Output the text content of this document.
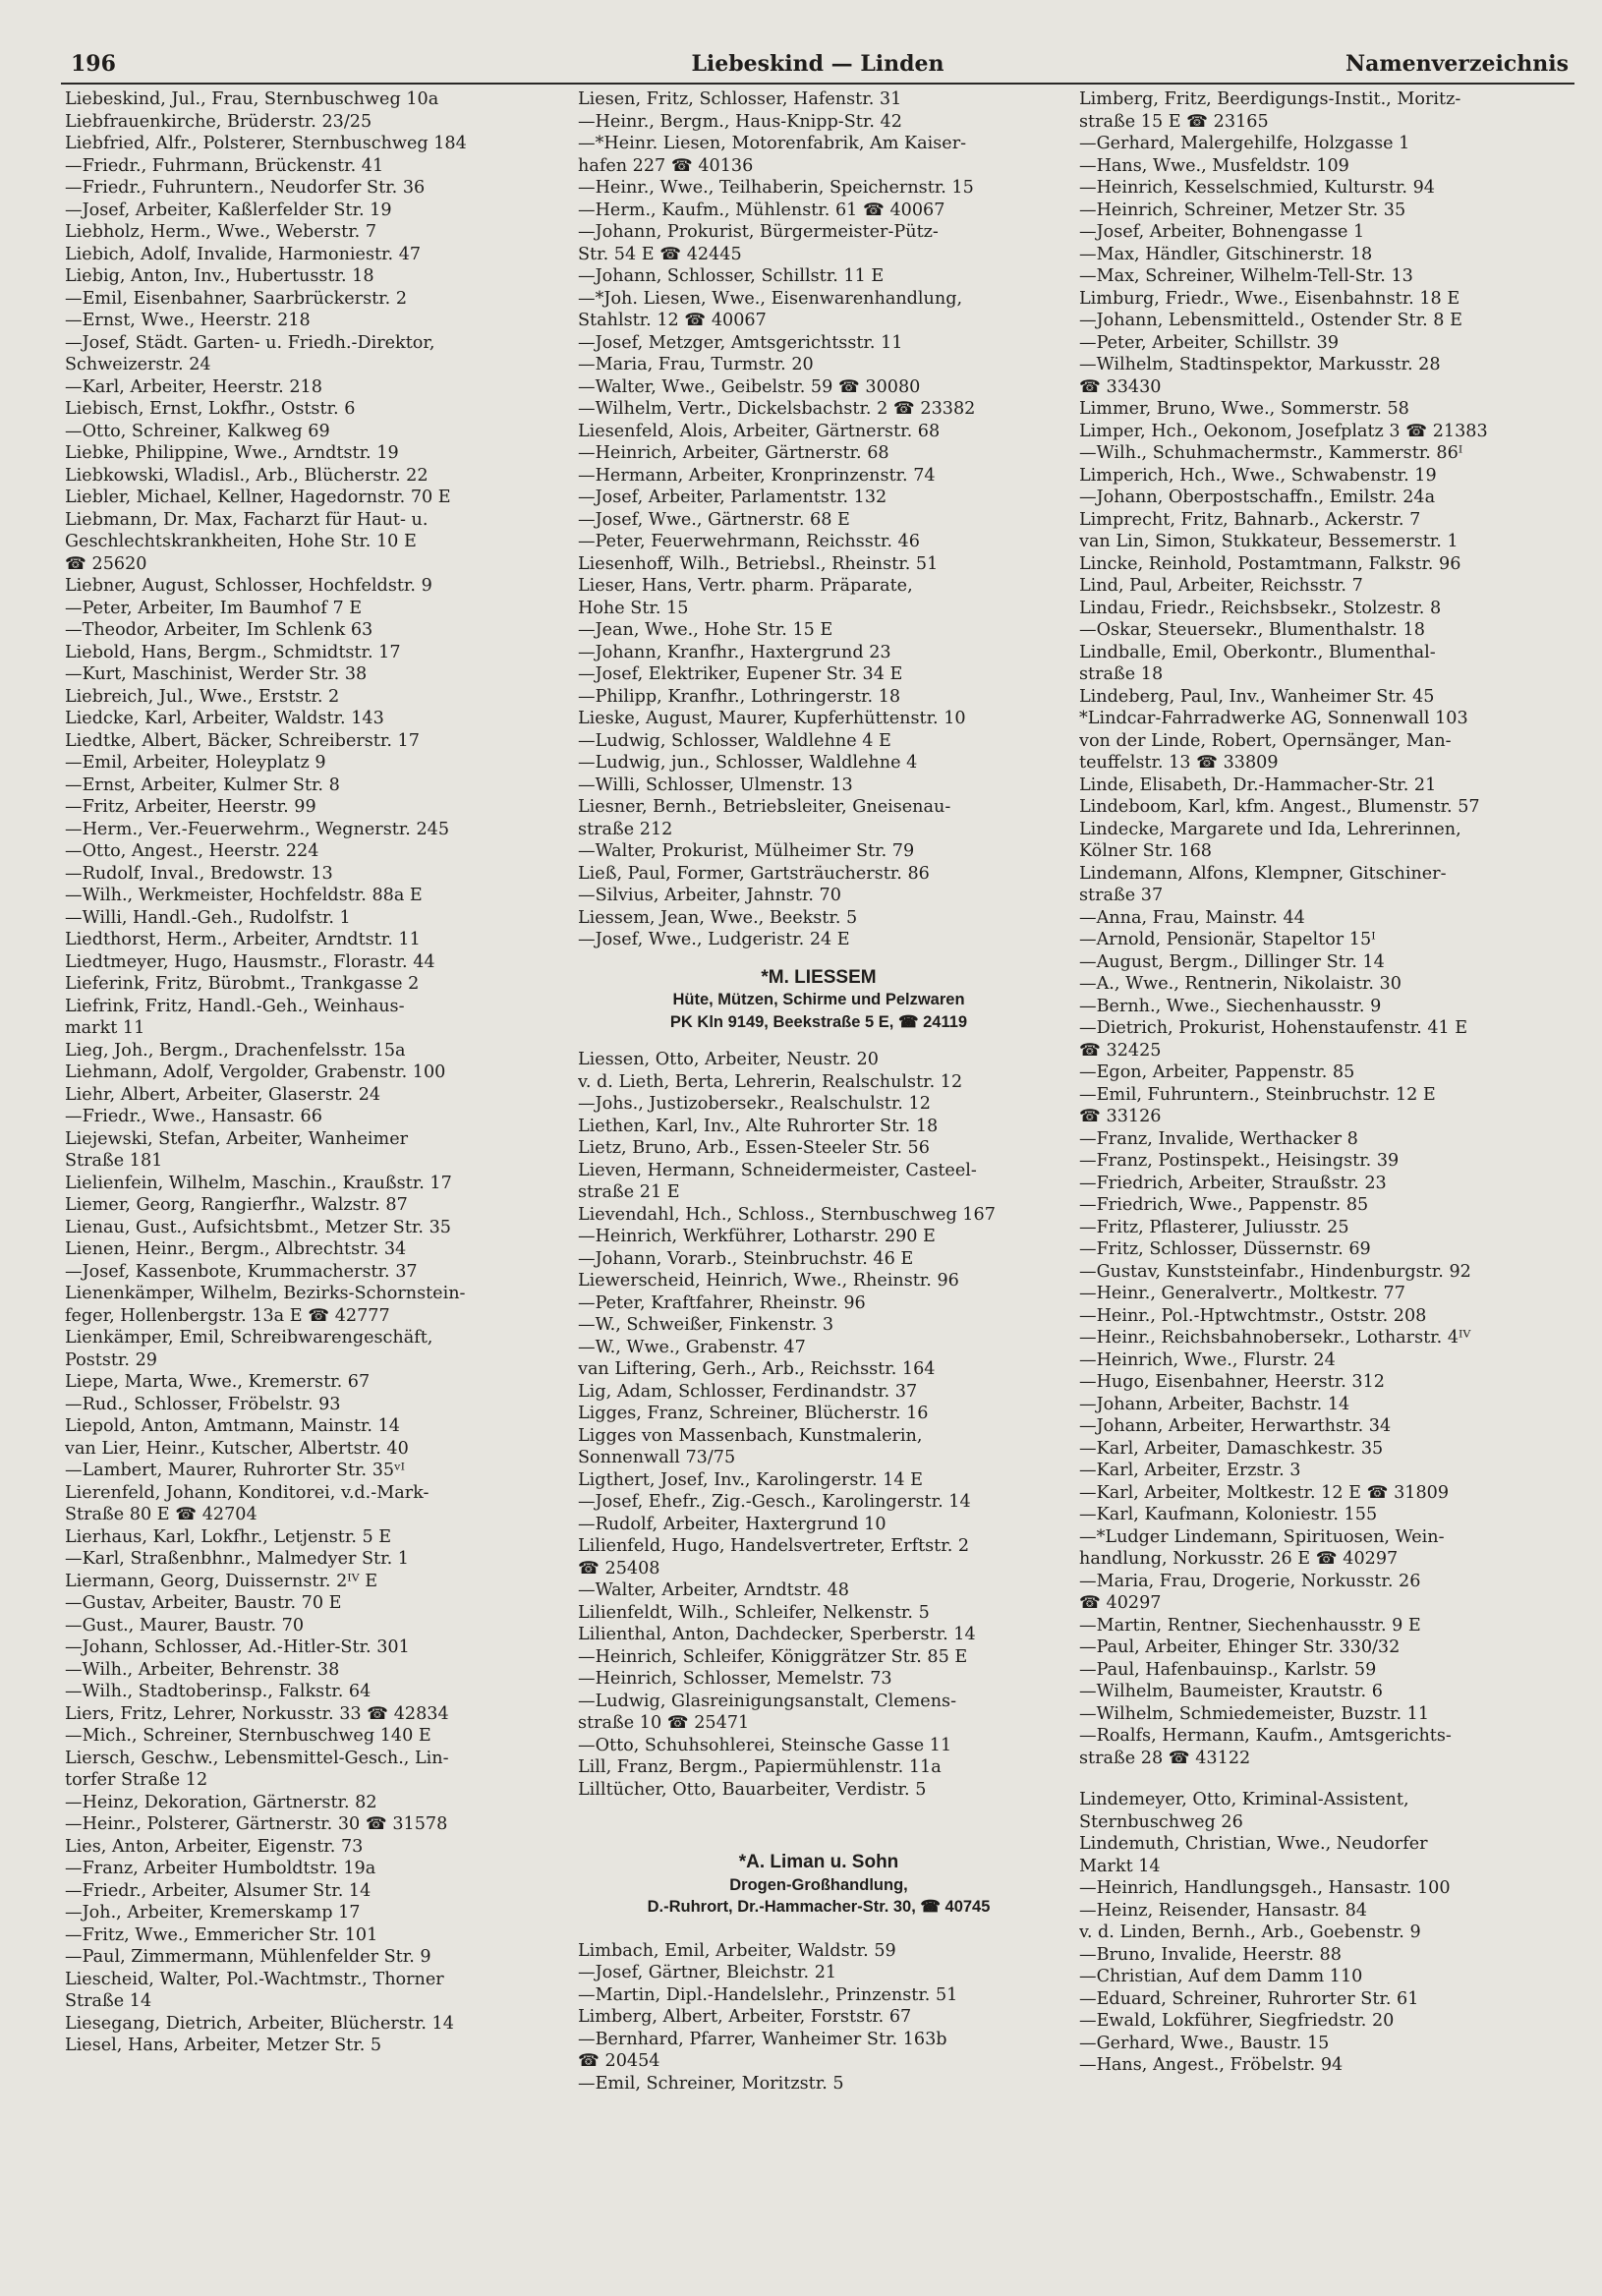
196	Liebeskind — Linden	Namenverzeichnis
Liebeskind, Jul., Frau, Sternbuschweg 10a
Liebfrauenkirche, Brüderstr. 23/25
Liebfried, Alfr., Polsterer, Sternbuschweg 184
—Friedr., Fuhrmann, Brückenstr. 41
—Friedr., Fuhruntern., Neudorfer Str. 36
—Josef, Arbeiter, Kaßlerfelder Str. 19
Liebholz, Herm., Wwe., Weberstr. 7
Liebich, Adolf, Invalide, Harmoniestr. 47
Liebig, Anton, Inv., Hubertusstr. 18
—Emil, Eisenbahner, Saarbrückerstr. 2
—Ernst, Wwe., Heerstr. 218
—Josef, Städt. Garten- u. Friedh.-Direktor,
Schweizerstr. 24
—Karl, Arbeiter, Heerstr. 218
Liebisch, Ernst, Lokfhr., Oststr. 6
—Otto, Schreiner, Kalkweg 69
Liebke, Philippine, Wwe., Arndtstr. 19
Liebkowski, Wladisl., Arb., Blücherstr. 22
Liebler, Michael, Kellner, Hagedornstr. 70 E
Liebmann, Dr. Max, Facharzt für Haut- u.
Geschlechtskrankheiten, Hohe Str. 10 E
☎ 25620
Liebner, August, Schlosser, Hochfeldstr. 9
—Peter, Arbeiter, Im Baumhof 7 E
—Theodor, Arbeiter, Im Schlenk 63
Liebold, Hans, Bergm., Schmidtstr. 17
—Kurt, Maschinist, Werder Str. 38
Liebreich, Jul., Wwe., Erststr. 2
Liedcke, Karl, Arbeiter, Waldstr. 143
Liedtke, Albert, Bäcker, Schreiberstr. 17
—Emil, Arbeiter, Holeyplatz 9
—Ernst, Arbeiter, Kulmer Str. 8
—Fritz, Arbeiter, Heerstr. 99
—Herm., Ver.-Feuerwehrm., Wegnerstr. 245
—Otto, Angest., Heerstr. 224
—Rudolf, Inval., Bredowstr. 13
—Wilh., Werkmeister, Hochfeldstr. 88a E
—Willi, Handl.-Geh., Rudolfstr. 1
Liedthorst, Herm., Arbeiter, Arndtstr. 11
Liedtmeyer, Hugo, Hausmstr., Florastr. 44
Lieferink, Fritz, Bürobmt., Trankgasse 2
Liefrink, Fritz, Handl.-Geh., Weinhaus-
markt 11
Lieg, Joh., Bergm., Drachenfelsstr. 15a
Liehmann, Adolf, Vergolder, Grabenstr. 100
Liehr, Albert, Arbeiter, Glaserstr. 24
—Friedr., Wwe., Hansastr. 66
Liejewski, Stefan, Arbeiter, Wanheimer
Straße 181
Lielienfein, Wilhelm, Maschin., Kraußstr. 17
Liemer, Georg, Rangierfhr., Walzstr. 87
Lienau, Gust., Aufsichtsbmt., Metzer Str. 35
Lienen, Heinr., Bergm., Albrechtstr. 34
—Josef, Kassenbote, Krummacherstr. 37
Lienenkämper, Wilhelm, Bezirks-Schornstein-
feger, Hollenbergstr. 13a E ☎ 42777
Lienkämper, Emil, Schreibwarengeschäft,
Poststr. 29
Liepe, Marta, Wwe., Kremerstr. 67
—Rud., Schlosser, Fröbelstr. 93
Liepold, Anton, Amtmann, Mainstr. 14
van Lier, Heinr., Kutscher, Albertstr. 40
—Lambert, Maurer, Ruhrorter Str. 35ᵛᴵ
Lierenfeld, Johann, Konditorei, v.d.-Mark-
Straße 80 E ☎ 42704
Lierhaus, Karl, Lokfhr., Letjenstr. 5 E
—Karl, Straßenbhnr., Malmedyer Str. 1
Liermann, Georg, Duissernstr. 2ᴵⱽ E
—Gustav, Arbeiter, Baustr. 70 E
—Gust., Maurer, Baustr. 70
—Johann, Schlosser, Ad.-Hitler-Str. 301
—Wilh., Arbeiter, Behrenstr. 38
—Wilh., Stadtoberinsp., Falkstr. 64
Liers, Fritz, Lehrer, Norkusstr. 33 ☎ 42834
—Mich., Schreiner, Sternbuschweg 140 E
Liersch, Geschw., Lebensmittel-Gesch., Lin-
torfer Straße 12
—Heinz, Dekoration, Gärtnerstr. 82
—Heinr., Polsterer, Gärtnerstr. 30 ☎ 31578
Lies, Anton, Arbeiter, Eigenstr. 73
—Franz, Arbeiter Humboldtstr. 19a
—Friedr., Arbeiter, Alsumer Str. 14
—Joh., Arbeiter, Kremerskamp 17
—Fritz, Wwe., Emmericher Str. 101
—Paul, Zimmermann, Mühlenfelder Str. 9
Liescheid, Walter, Pol.-Wachtmstr., Thorner
Straße 14
Liesegang, Dietrich, Arbeiter, Blücherstr. 14
Liesel, Hans, Arbeiter, Metzer Str. 5
Liesen, Fritz, Schlosser, Hafenstr. 31
—Heinr., Bergm., Haus-Knipp-Str. 42
—*Heinr. Liesen, Motorenfabrik, Am Kaiser-
hafen 227 ☎ 40136
—Heinr., Wwe., Teilhaberin, Speichernstr. 15
—Herm., Kaufm., Mühlenstr. 61 ☎ 40067
—Johann, Prokurist, Bürgermeister-Pütz-
Str. 54 E ☎ 42445
—Johann, Schlosser, Schillstr. 11 E
—*Joh. Liesen, Wwe., Eisenwarenhandlung,
Stahlstr. 12 ☎ 40067
—Josef, Metzger, Amtsgerichtsstr. 11
—Maria, Frau, Turmstr. 20
—Walter, Wwe., Geibelstr. 59 ☎ 30080
—Wilhelm, Vertr., Dickelsbachstr. 2 ☎ 23382
Liesenfeld, Alois, Arbeiter, Gärtnerstr. 68
—Heinrich, Arbeiter, Gärtnerstr. 68
—Hermann, Arbeiter, Kronprinzenstr. 74
—Josef, Arbeiter, Parlamentstr. 132
—Josef, Wwe., Gärtnerstr. 68 E
—Peter, Feuerwehrmann, Reichsstr. 46
Liesenhoff, Wilh., Betriebsl., Rheinstr. 51
Lieser, Hans, Vertr. pharm. Präparate,
Hohe Str. 15
—Jean, Wwe., Hohe Str. 15 E
—Johann, Kranfhr., Haxtergrund 23
—Josef, Elektriker, Eupener Str. 34 E
—Philipp, Kranfhr., Lothringerstr. 18
Lieske, August, Maurer, Kupferhüttenstr. 10
—Ludwig, Schlosser, Waldlehne 4 E
—Ludwig, jun., Schlosser, Waldlehne 4
—Willi, Schlosser, Ulmenstr. 13
Liesner, Bernh., Betriebsleiter, Gneisenau-
straße 212
—Walter, Prokurist, Mülheimer Str. 79
Ließ, Paul, Former, Gartsträucherstr. 86
—Silvius, Arbeiter, Jahnstr. 70
Liessem, Jean, Wwe., Beekstr. 5
—Josef, Wwe., Ludgeristr. 24 E
*M. LIESSEM
Hüte, Mützen, Schirme und Pelzwaren
PK Kln 9149, Beekstraße 5 E, ☎ 24119
Liessen, Otto, Arbeiter, Neustr. 20
v. d. Lieth, Berta, Lehrerin, Realschulstr. 12
—Johs., Justizobersekr., Realschulstr. 12
Liethen, Karl, Inv., Alte Ruhrorter Str. 18
Lietz, Bruno, Arb., Essen-Steeler Str. 56
Lieven, Hermann, Schneidermeister, Casteel-
straße 21 E
Lievendahl, Hch., Schloss., Sternbuschweg 167
—Heinrich, Werkführer, Lotharstr. 290 E
—Johann, Vorarb., Steinbruchstr. 46 E
Liewerscheid, Heinrich, Wwe., Rheinstr. 96
—Peter, Kraftfahrer, Rheinstr. 96
—W., Schweißer, Finkenstr. 3
—W., Wwe., Grabenstr. 47
van Liftering, Gerh., Arb., Reichsstr. 164
Lig, Adam, Schlosser, Ferdinandstr. 37
Ligges, Franz, Schreiner, Blücherstr. 16
Ligges von Massenbach, Kunstmalerin,
Sonnenwall 73/75
Ligthert, Josef, Inv., Karolingerstr. 14 E
—Josef, Ehefr., Zig.-Gesch., Karolingerstr. 14
—Rudolf, Arbeiter, Haxtergrund 10
Lilienfeld, Hugo, Handelsvertreter, Erftstr. 2
☎ 25408
—Walter, Arbeiter, Arndtstr. 48
Lilienfeldt, Wilh., Schleifer, Nelkenstr. 5
Lilienthal, Anton, Dachdecker, Sperberstr. 14
—Heinrich, Schleifer, Königgrätzer Str. 85 E
—Heinrich, Schlosser, Memelstr. 73
—Ludwig, Glasreinigungsanstalt, Clemens-
straße 10 ☎ 25471
—Otto, Schuhsohlerei, Steinsche Gasse 11
Lill, Franz, Bergm., Papiermühlenstr. 11a
Lilltücher, Otto, Bauarbeiter, Verdistr. 5
*A. Liman u. Sohn
Drogen-Großhandlung,
D.-Ruhrort, Dr.-Hammacher-Str. 30, ☎ 40745
Limbach, Emil, Arbeiter, Waldstr. 59
—Josef, Gärtner, Bleichstr. 21
—Martin, Dipl.-Handelslehr., Prinzenstr. 51
Limberg, Albert, Arbeiter, Forststr. 67
—Bernhard, Pfarrer, Wanheimer Str. 163b
☎ 20454
—Emil, Schreiner, Moritzstr. 5
Limberg, Fritz, Beerdigungs-Instit., Moritz-
straße 15 E ☎ 23165
—Gerhard, Malergehilfe, Holzgasse 1
—Hans, Wwe., Musfeldstr. 109
—Heinrich, Kesselschmied, Kulturstr. 94
—Heinrich, Schreiner, Metzer Str. 35
—Josef, Arbeiter, Bohnengasse 1
—Max, Händler, Gitschinerstr. 18
—Max, Schreiner, Wilhelm-Tell-Str. 13
Limburg, Friedr., Wwe., Eisenbahnstr. 18 E
—Johann, Lebensmitteld., Ostender Str. 8 E
—Peter, Arbeiter, Schillstr. 39
—Wilhelm, Stadtinspektor, Markusstr. 28
☎ 33430
Limmer, Bruno, Wwe., Sommerstr. 58
Limper, Hch., Oekonom, Josefplatz 3 ☎ 21383
—Wilh., Schuhmachermstr., Kammerstr. 86ᴵ
Limperich, Hch., Wwe., Schwabenstr. 19
—Johann, Oberpostschaffn., Emilstr. 24a
Limprecht, Fritz, Bahnarb., Ackerstr. 7
van Lin, Simon, Stukkateur, Bessemerstr. 1
Lincke, Reinhold, Postamtmann, Falkstr. 96
Lind, Paul, Arbeiter, Reichsstr. 7
Lindau, Friedr., Reichsbsekr., Stolzestr. 8
—Oskar, Steuersekr., Blumenthalstr. 18
Lindballe, Emil, Oberkontr., Blumenthal-
straße 18
Lindeberg, Paul, Inv., Wanheimer Str. 45
*Lindcar-Fahrradwerke AG, Sonnenwall 103
von der Linde, Robert, Opernsänger, Man-
teuffelstr. 13 ☎ 33809
Linde, Elisabeth, Dr.-Hammacher-Str. 21
Lindeboom, Karl, kfm. Angest., Blumenstr. 57
Lindecke, Margarete und Ida, Lehrerinnen,
Kölner Str. 168
Lindemann, Alfons, Klempner, Gitschiner-
straße 37
—Anna, Frau, Mainstr. 44
—Arnold, Pensionär, Stapeltor 15ᴵ
—August, Bergm., Dillinger Str. 14
—A., Wwe., Rentnerin, Nikolaistr. 30
—Bernh., Wwe., Siechenhausstr. 9
—Dietrich, Prokurist, Hohenstaufenstr. 41 E
☎ 32425
—Egon, Arbeiter, Pappenstr. 85
—Emil, Fuhruntern., Steinbruchstr. 12 E
☎ 33126
—Franz, Invalide, Werthacker 8
—Franz, Postinspekt., Heisingstr. 39
—Friedrich, Arbeiter, Straußstr. 23
—Friedrich, Wwe., Pappenstr. 85
—Fritz, Pflasterer, Juliusstr. 25
—Fritz, Schlosser, Düssernstr. 69
—Gustav, Kunststeinfabr., Hindenburgstr. 92
—Heinr., Generalvertr., Moltkestr. 77
—Heinr., Pol.-Hptwchtmstr., Oststr. 208
—Heinr., Reichsbahnobersekr., Lotharstr. 4ᴵⱽ
—Heinrich, Wwe., Flurstr. 24
—Hugo, Eisenbahner, Heerstr. 312
—Johann, Arbeiter, Bachstr. 14
—Johann, Arbeiter, Herwarthstr. 34
—Karl, Arbeiter, Damaschkestr. 35
—Karl, Arbeiter, Erzstr. 3
—Karl, Arbeiter, Moltkestr. 12 E ☎ 31809
—Karl, Kaufmann, Koloniestr. 155
—*Ludger Lindemann, Spirituosen, Wein-
handlung, Norkusstr. 26 E ☎ 40297
—Maria, Frau, Drogerie, Norkusstr. 26
☎ 40297
—Martin, Rentner, Siechenhausstr. 9 E
—Paul, Arbeiter, Ehinger Str. 330/32
—Paul, Hafenbauinsp., Karlstr. 59
—Wilhelm, Baumeister, Krautstr. 6
—Wilhelm, Schmiedemeister, Buzstr. 11
—Roalfs, Hermann, Kaufm., Amtsgerichts-
straße 28 ☎ 43122
Lindemeyer, Otto, Kriminal-Assistent,
Sternbuschweg 26
Lindemuth, Christian, Wwe., Neudorfer
Markt 14
—Heinrich, Handlungsgeh., Hansastr. 100
—Heinz, Reisender, Hansastr. 84
v. d. Linden, Bernh., Arb., Goebenstr. 9
—Bruno, Invalide, Heerstr. 88
—Christian, Auf dem Damm 110
—Eduard, Schreiner, Ruhrorter Str. 61
—Ewald, Lokführer, Siegfriedstr. 20
—Gerhard, Wwe., Baustr. 15
—Hans, Angest., Fröbelstr. 94
